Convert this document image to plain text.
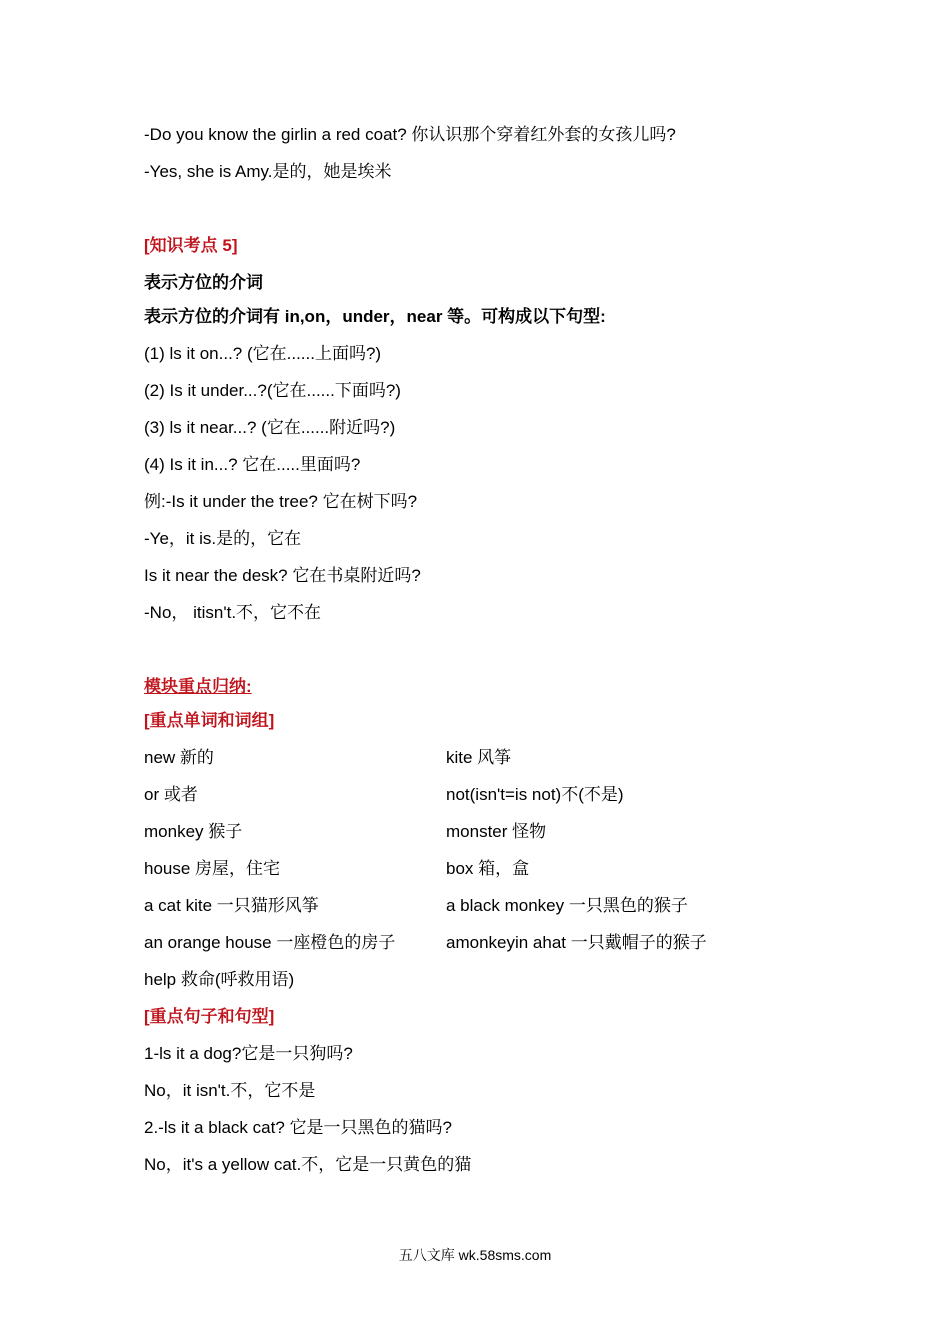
-Do you know the girlin a red coat? 你认识那个穿着红外套的女孩儿吗?
-Yes, she is Amy.是的，她是埃米
[知识考点 5]
表示方位的介词
表示方位的介词有 in,on，under，near 等。可构成以下句型:
(1) ls it on...? (它在......上面吗?)
(2) Is it under...?(它在......下面吗?)
(3) ls it near...? (它在......附近吗?)
(4) Is it in...? 它在.....里面吗?
例:-Is it under the tree? 它在树下吗?
-Ye，it is.是的，它在
Is it near the desk? 它在书桌附近吗?
-No， itisn't.不，它不在
模块重点归纳:
[重点单词和词组]
new 新的	kite 风筝
or 或者	not(isn't=is not)不(不是)
monkey 猴子	monster 怪物
house 房屋，住宅	box 箱，盒
a cat kite 一只猫形风筝	a black monkey 一只黑色的猴子
an orange house 一座橙色的房子	amonkeyin ahat 一只戴帽子的猴子
help 救命(呼救用语)
[重点句子和句型]
1-ls it a dog?它是一只狗吗?
No，it isn't.不，它不是
2.-ls it a black cat? 它是一只黑色的猫吗?
No，it's a yellow cat.不，它是一只黄色的猫
五八文库 wk.58sms.com
